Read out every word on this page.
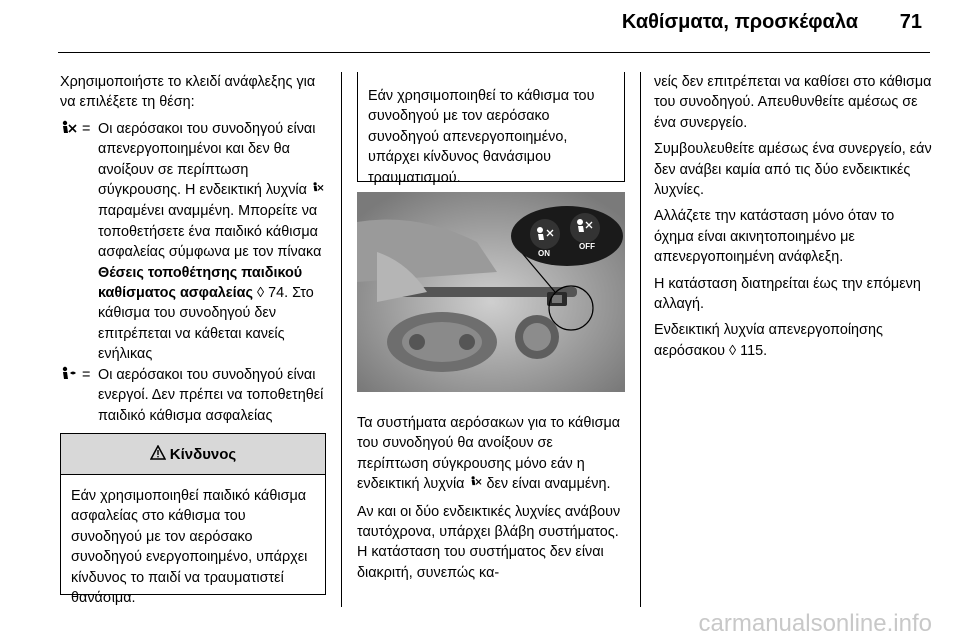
Καθίσματα, προσκέφαλα 71

Χρησιμοποιήστε το κλειδί ανάφλεξης για να επιλέξετε τη θέση:

= Οι αερόσακοι του συνοδηγού είναι απενεργοποιημένοι και δεν θα ανοίξουν σε περίπτωση σύγκρουσης. Η ενδεικτική λυχνία  παραμένει αναμμένη. Μπορείτε να τοποθετήσετε ένα παιδικό κάθισμα ασφαλείας σύμφωνα με τον πίνακα Θέσεις τοποθέτησης παιδικού καθίσματος ασφαλείας ◊ 74. Στο κάθισμα του συνοδηγού δεν επιτρέπεται να κάθεται κανείς ενήλικας
= Οι αερόσακοι του συνοδηγού είναι ενεργοί. Δεν πρέπει να τοποθετηθεί παιδικό κάθισμα ασφαλείας
Κίνδυνος
Εάν χρησιμοποιηθεί παιδικό κάθισμα ασφαλείας στο κάθισμα του συνοδηγού με τον αερόσακο συνοδηγού ενεργοποιημένο, υπάρχει κίνδυνος το παιδί να τραυματιστεί θανάσιμα.
Εάν χρησιμοποιηθεί το κάθισμα του συνοδηγού με τον αερόσακο συνοδηγού απενεργοποιημένο, υπάρχει κίνδυνος θανάσιμου τραυματισμού.
ON
OFF

Τα συστήματα αερόσακων για το κάθισμα του συνοδηγού θα ανοίξουν σε περίπτωση σύγκρουσης μόνο εάν η ενδεικτική λυχνία δεν είναι αναμμένη.

Αν και οι δύο ενδεικτικές λυχνίες ανάβουν ταυτόχρονα, υπάρχει βλάβη συστήματος. Η κατάσταση του συστήματος δεν είναι διακριτή, συνεπώς κα-

νείς δεν επιτρέπεται να καθίσει στο κάθισμα του συνοδηγού. Απευθυνθείτε αμέσως σε ένα συνεργείο.

Συμβουλευθείτε αμέσως ένα συνεργείο, εάν δεν ανάβει καμία από τις δύο ενδεικτικές λυχνίες.

Αλλάζετε την κατάσταση μόνο όταν το όχημα είναι ακινητοποιημένο με απενεργοποιημένη ανάφλεξη.

Η κατάσταση διατηρείται έως την επόμενη αλλαγή.

Ενδεικτική λυχνία απενεργοποίησης αερόσακου ◊ 115.

carmanualsonline.info
